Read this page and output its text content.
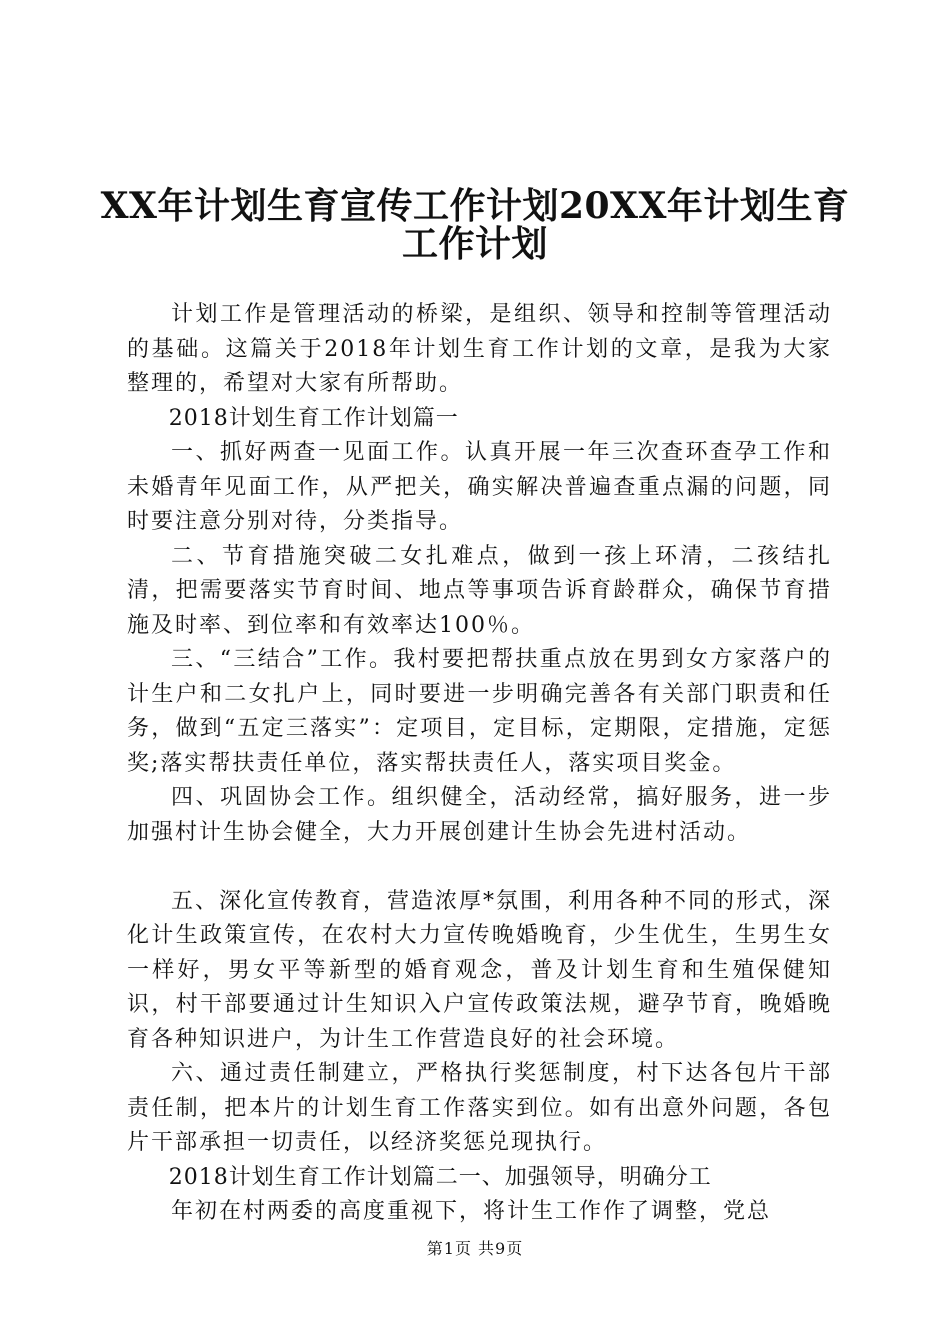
XX年计划生育宣传工作计划20XX年计划生育
工作计划

计划工作是管理活动的桥梁，是组织、领导和控制等管理活动的基础。这篇关于2018年计划生育工作计划的文章，是我为大家整理的，希望对大家有所帮助。

2018计划生育工作计划篇一

一、抓好两查一见面工作。认真开展一年三次查环查孕工作和未婚青年见面工作，从严把关，确实解决普遍查重点漏的问题，同时要注意分别对待，分类指导。

二、节育措施突破二女扎难点，做到一孩上环清，二孩结扎清，把需要落实节育时间、地点等事项告诉育龄群众，确保节育措施及时率、到位率和有效率达100％。

三、“三结合”工作。我村要把帮扶重点放在男到女方家落户的计生户和二女扎户上，同时要进一步明确完善各有关部门职责和任务，做到“五定三落实”：定项目，定目标，定期限，定措施，定惩奖;落实帮扶责任单位，落实帮扶责任人，落实项目奖金。

四、巩固协会工作。组织健全，活动经常，搞好服务，进一步加强村计生协会健全，大力开展创建计生协会先进村活动。

五、深化宣传教育，营造浓厚*氛围，利用各种不同的形式，深化计生政策宣传，在农村大力宣传晚婚晚育，少生优生，生男生女一样好，男女平等新型的婚育观念，普及计划生育和生殖保健知识，村干部要通过计生知识入户宣传政策法规，避孕节育，晚婚晚育各种知识进户，为计生工作营造良好的社会环境。

六、通过责任制建立，严格执行奖惩制度，村下达各包片干部责任制，把本片的计划生育工作落实到位。如有出意外问题，各包片干部承担一切责任，以经济奖惩兑现执行。

2018计划生育工作计划篇二一、加强领导，明确分工

年初在村两委的高度重视下，将计生工作作了调整，党总

第1页 共9页
